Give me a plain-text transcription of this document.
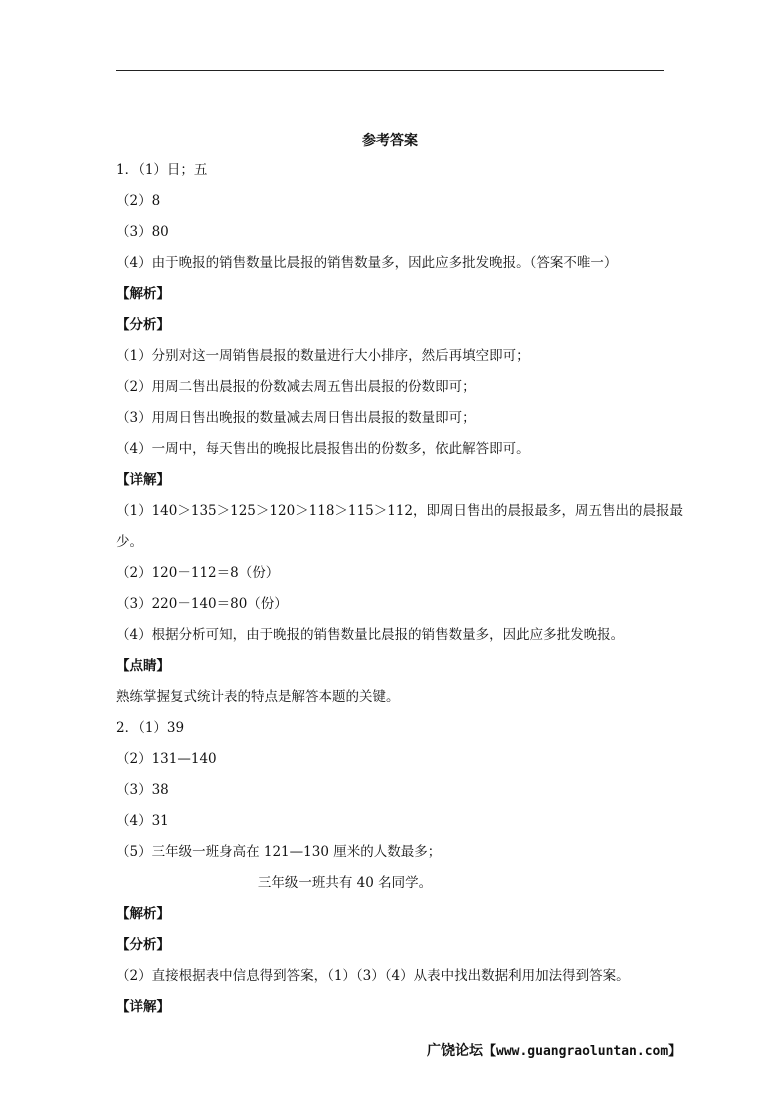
参考答案
1．（1）日；五
（2）8
（3）80
（4）由于晚报的销售数量比晨报的销售数量多，因此应多批发晚报。（答案不唯一）
【解析】
【分析】
（1）分别对这一周销售晨报的数量进行大小排序，然后再填空即可；
（2）用周二售出晨报的份数减去周五售出晨报的份数即可；
（3）用周日售出晚报的数量减去周日售出晨报的数量即可；
（4）一周中，每天售出的晚报比晨报售出的份数多，依此解答即可。
【详解】
（1）140＞135＞125＞120＞118＞115＞112，即周日售出的晨报最多，周五售出的晨报最
少。
（2）120－112＝8（份）
（3）220－140＝80（份）
（4）根据分析可知，由于晚报的销售数量比晨报的销售数量多，因此应多批发晚报。
【点睛】
熟练掌握复式统计表的特点是解答本题的关键。
2．（1）39
（2）131—140
（3）38
（4）31
（5）三年级一班身高在 121—130 厘米的人数最多；
三年级一班共有 40 名同学。
【解析】
【分析】
（2）直接根据表中信息得到答案，（1）（3）（4）从表中找出数据利用加法得到答案。
【详解】
广饶论坛【www.guangraoluntan.com】
